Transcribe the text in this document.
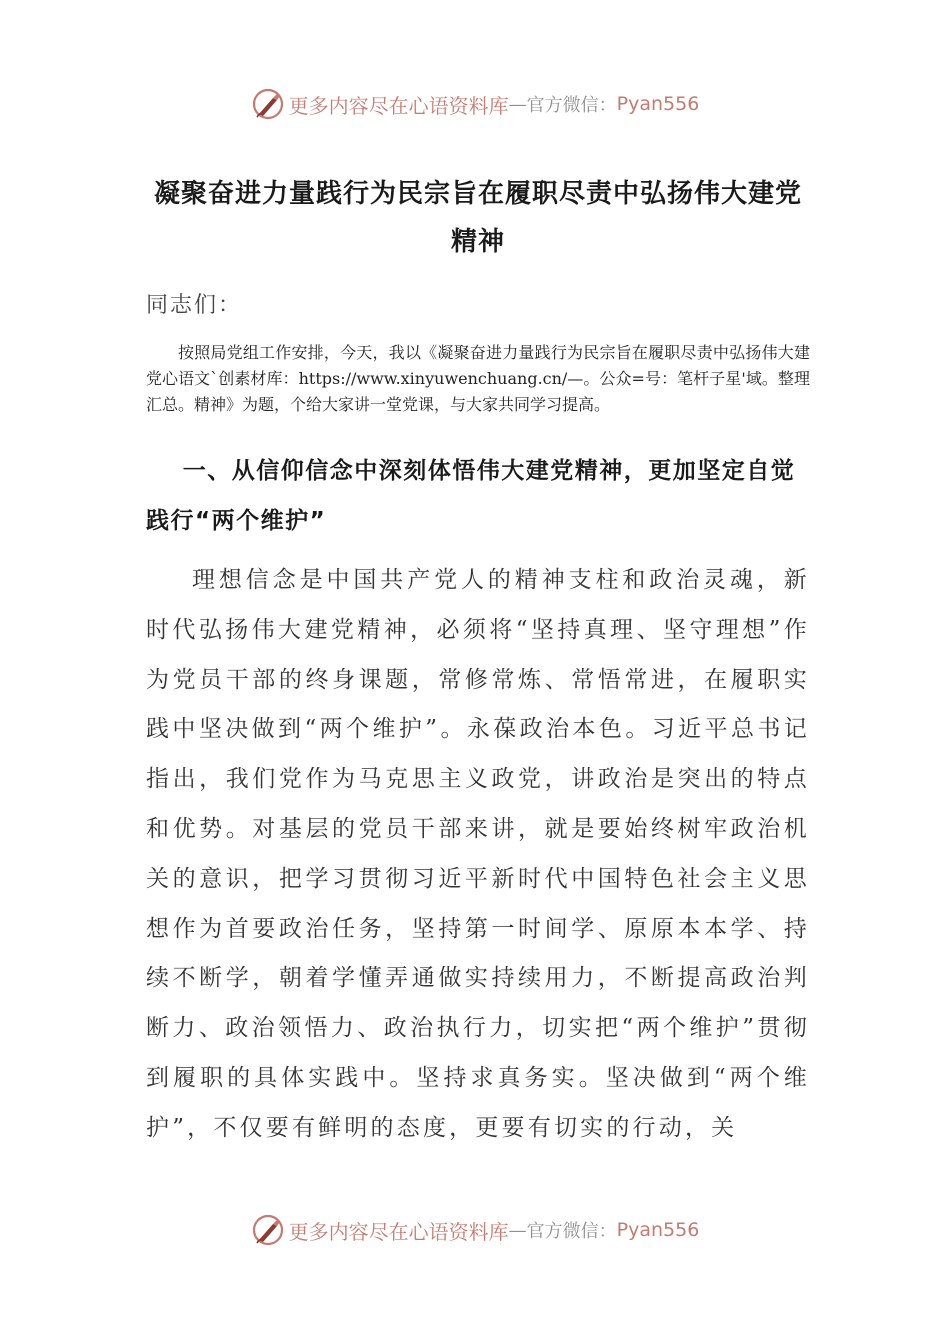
更多内容尽在心语资料库 — 官方微信： Pyan556
凝聚奋进力量践行为民宗旨在履职尽责中弘扬伟大建党精神
同志们：
按照局党组工作安排，今天，我以《凝聚奋进力量践行为民宗旨在履职尽责中弘扬伟大建党心语文`创素材库：https://www.xinyuwenchuang.cn/—。公众=号：笔杆子星'域。整理汇总。精神》为题，个给大家讲一堂党课，与大家共同学习提高。
一、从信仰信念中深刻体悟伟大建党精神，更加坚定自觉践行“两个维护”
理想信念是中国共产党人的精神支柱和政治灵魂，新时代弘扬伟大建党精神，必须将“坚持真理、坚守理想”作为党员干部的终身课题，常修常炼、常悟常进，在履职实践中坚决做到“两个维护”。永葆政治本色。习近平总书记指出，我们党作为马克思主义政党，讲政治是突出的特点和优势。对基层的党员干部来讲，就是要始终树牢政治机关的意识，把学习贯彻习近平新时代中国特色社会主义思想作为首要政治任务，坚持第一时间学、原原本本学、持续不断学，朝着学懂弄通做实持续用力，不断提高政治判断力、政治领悟力、政治执行力，切实把“两个维护”贯彻到履职的具体实践中。坚持求真务实。坚决做到“两个维护”，不仅要有鲜明的态度，更要有切实的行动，关
更多内容尽在心语资料库 — 官方微信： Pyan556
